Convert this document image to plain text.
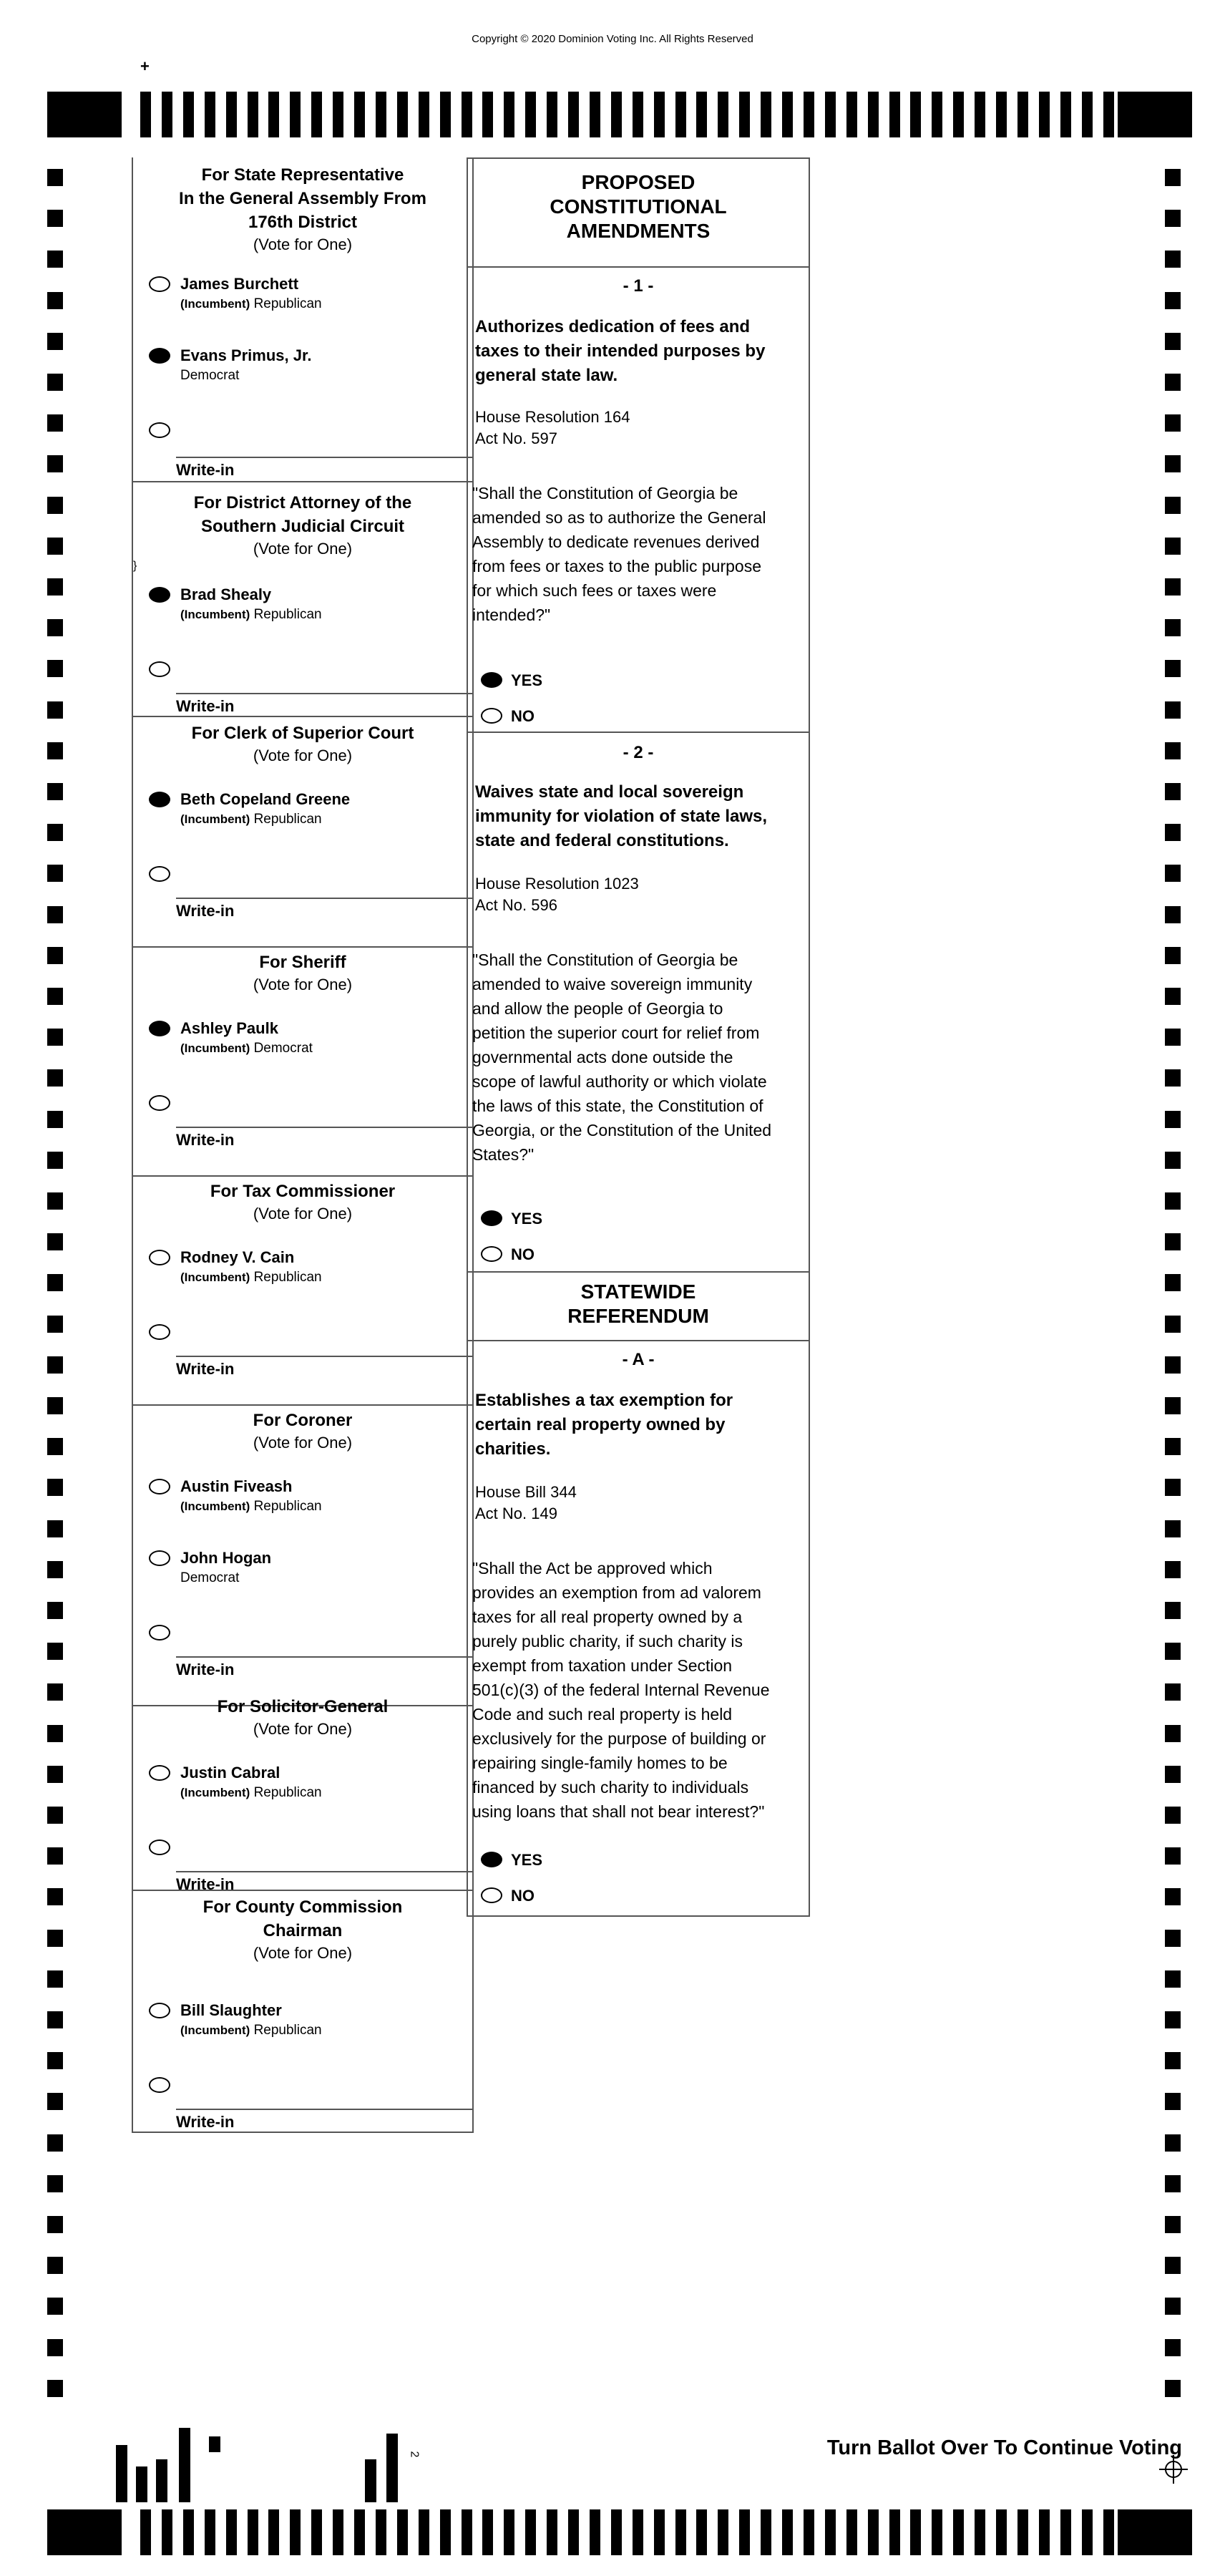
Copyright © 2020 Dominion Voting Inc. All Rights Reserved
+
For State Representative
In the General Assembly From
176th District
(Vote for One)
James Burchett
(Incumbent) Republican
Evans Primus, Jr.
Democrat
Write-in
For District Attorney of the
Southern Judicial Circuit
(Vote for One)
Brad Shealy
(Incumbent) Republican
Write-in
}
For Clerk of Superior Court
(Vote for One)
Beth Copeland Greene
(Incumbent) Republican
Write-in
For Sheriff
(Vote for One)
Ashley Paulk
(Incumbent) Democrat
Write-in
For Tax Commissioner
(Vote for One)
Rodney V. Cain
(Incumbent) Republican
Write-in
For Coroner
(Vote for One)
Austin Fiveash
(Incumbent) Republican
John Hogan
Democrat
Write-in
For Solicitor-General
(Vote for One)
Justin Cabral
(Incumbent) Republican
Write-in
For County Commission
Chairman
(Vote for One)
Bill Slaughter
(Incumbent) Republican
Write-in
PROPOSED
CONSTITUTIONAL
AMENDMENTS
- 1 -
Authorizes dedication of fees and
taxes to their intended purposes by
general state law.
House Resolution 164
Act No. 597
"Shall the Constitution of Georgia be
amended so as to authorize the General
Assembly to dedicate revenues derived
from fees or taxes to the public purpose
for which such fees or taxes were
intended?"
YES
NO
- 2 -
Waives state and local sovereign
immunity for violation of state laws,
state and federal constitutions.
House Resolution 1023
Act No. 596
"Shall the Constitution of Georgia be
amended to waive sovereign immunity
and allow the people of Georgia to
petition the superior court for relief from
governmental acts done outside the
scope of lawful authority or which violate
the laws of this state, the Constitution of
Georgia, or the Constitution of the United
States?"
YES
NO
STATEWIDE
REFERENDUM
- A -
Establishes a tax exemption for
certain real property owned by
charities.
House Bill 344
Act No. 149
"Shall the Act be approved which
provides an exemption from ad valorem
taxes for all real property owned by a
purely public charity, if such charity is
exempt from taxation under Section
501(c)(3) of the federal Internal Revenue
Code and such real property is held
exclusively for the purpose of building or
repairing single-family homes to be
financed by such charity to individuals
using loans that shall not bear interest?"
YES
NO
Turn Ballot Over To Continue Voting
2
